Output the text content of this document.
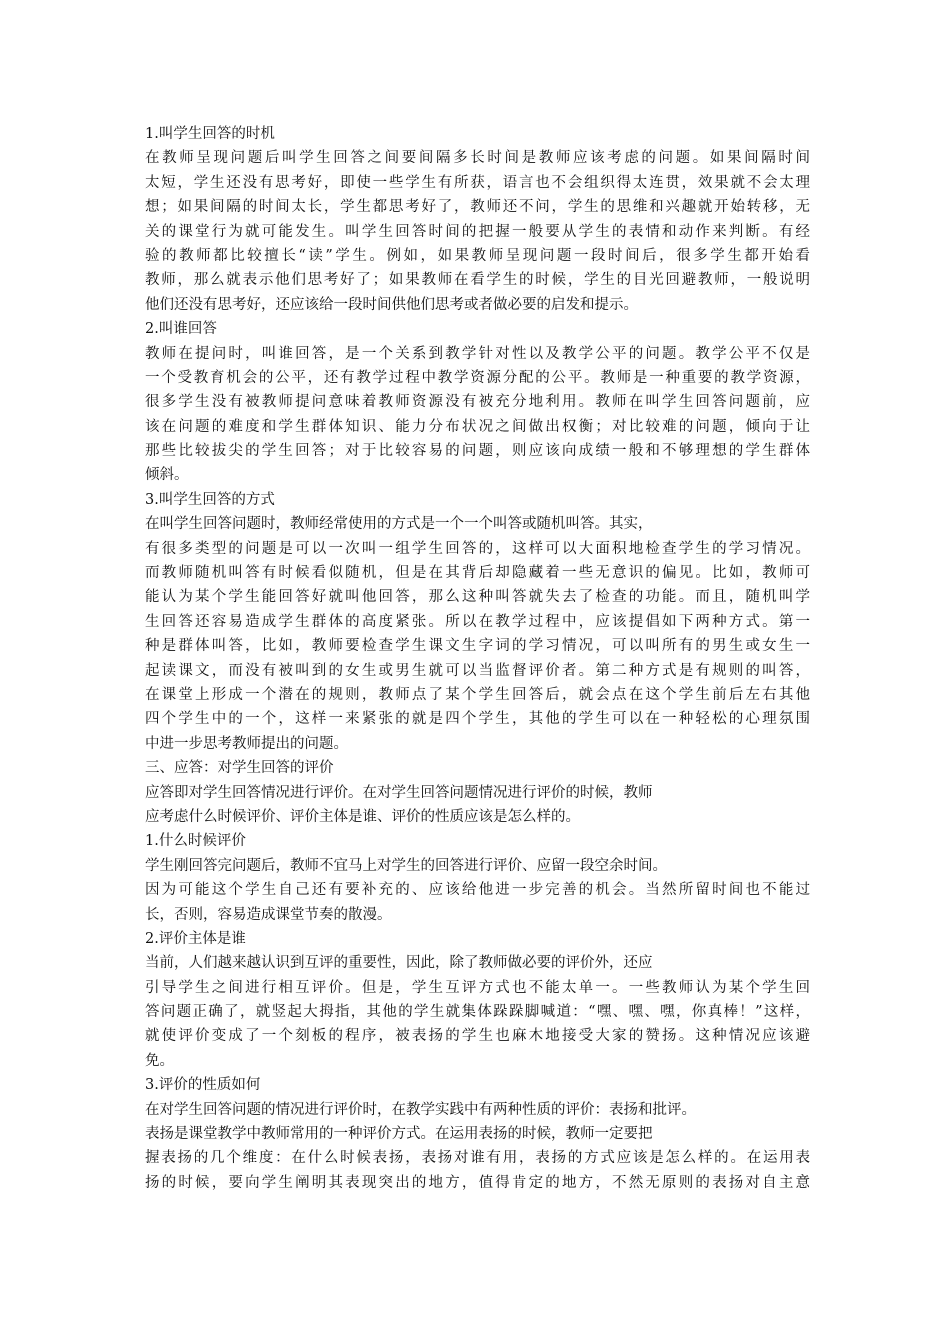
1.叫学生回答的时机
在教师呈现问题后叫学生回答之间要间隔多长时间是教师应该考虑的问题。如果间隔时间
太短，学生还没有思考好，即使一些学生有所获，语言也不会组织得太连贯，效果就不会太理
想；如果间隔的时间太长，学生都思考好了，教师还不问，学生的思维和兴趣就开始转移，无
关的课堂行为就可能发生。叫学生回答时间的把握一般要从学生的表情和动作来判断。有经
验的教师都比较擅长“读”学生。例如，如果教师呈现问题一段时间后，很多学生都开始看
教师，那么就表示他们思考好了；如果教师在看学生的时候，学生的目光回避教师，一般说明
他们还没有思考好，还应该给一段时间供他们思考或者做必要的启发和提示。
2.叫谁回答
教师在提问时，叫谁回答，是一个关系到教学针对性以及教学公平的问题。教学公平不仅是
一个受教育机会的公平，还有教学过程中教学资源分配的公平。教师是一种重要的教学资源，
很多学生没有被教师提问意味着教师资源没有被充分地利用。教师在叫学生回答问题前，应
该在问题的难度和学生群体知识、能力分布状况之间做出权衡；对比较难的问题，倾向于让
那些比较拔尖的学生回答；对于比较容易的问题，则应该向成绩一般和不够理想的学生群体
倾斜。
3.叫学生回答的方式
在叫学生回答问题时，教师经常使用的方式是一个一个叫答或随机叫答。其实，
有很多类型的问题是可以一次叫一组学生回答的，这样可以大面积地检查学生的学习情况。
而教师随机叫答有时候看似随机，但是在其背后却隐藏着一些无意识的偏见。比如，教师可
能认为某个学生能回答好就叫他回答，那么这种叫答就失去了检查的功能。而且，随机叫学
生回答还容易造成学生群体的高度紧张。所以在教学过程中，应该提倡如下两种方式。第一
种是群体叫答，比如，教师要检查学生课文生字词的学习情况，可以叫所有的男生或女生一
起读课文，而没有被叫到的女生或男生就可以当监督评价者。第二种方式是有规则的叫答，
在课堂上形成一个潜在的规则，教师点了某个学生回答后，就会点在这个学生前后左右其他
四个学生中的一个，这样一来紧张的就是四个学生，其他的学生可以在一种轻松的心理氛围
中进一步思考教师提出的问题。
三、应答：对学生回答的评价
应答即对学生回答情况进行评价。在对学生回答问题情况进行评价的时候，教师
应考虑什么时候评价、评价主体是谁、评价的性质应该是怎么样的。
1.什么时候评价
学生刚回答完问题后，教师不宜马上对学生的回答进行评价、应留一段空余时间。
因为可能这个学生自己还有要补充的、应该给他进一步完善的机会。当然所留时间也不能过
长，否则，容易造成课堂节奏的散漫。
2.评价主体是谁
当前，人们越来越认识到互评的重要性，因此，除了教师做必要的评价外，还应
引导学生之间进行相互评价。但是，学生互评方式也不能太单一。一些教师认为某个学生回
答问题正确了，就竖起大拇指，其他的学生就集体跺跺脚喊道：“嘿、嘿、嘿，你真棒！”这样，
就使评价变成了一个刻板的程序，被表扬的学生也麻木地接受大家的赞扬。这种情况应该避
免。
3.评价的性质如何
在对学生回答问题的情况进行评价时，在教学实践中有两种性质的评价：表扬和批评。
表扬是课堂教学中教师常用的一种评价方式。在运用表扬的时候，教师一定要把
握表扬的几个维度：在什么时候表扬，表扬对谁有用，表扬的方式应该是怎么样的。在运用表
扬的时候，要向学生阐明其表现突出的地方，值得肯定的地方，不然无原则的表扬对自主意
